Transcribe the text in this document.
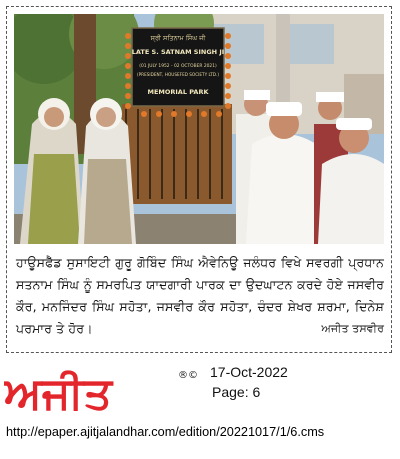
ਸ੍ਰੀ ਸਤਿਨਾਮ ਸਿੰਘ ਜੀ
LATE S. SATNAM SINGH JI
(01 JULY 1952 - 02 OCTOBER 2021)
(PRESIDENT, HOUSEFED SOCIETY LTD.)
MEMORIAL PARK
ਹਾਊਸਫੈੱਡ ਸੁਸਾਇਟੀ ਗੁਰੂ ਗੋਬਿੰਦ ਸਿੰਘ ਐਵੇਨਿਊ ਜਲੰਧਰ ਵਿਖੇ ਸਵਰਗੀ ਪ੍ਰਧਾਨ ਸਤਨਾਮ ਸਿੰਘ ਨੂੰ ਸਮਰਪਿਤ ਯਾਦਗਾਰੀ ਪਾਰਕ ਦਾ ਉਦਘਾਟਨ ਕਰਦੇ ਹੋਏ ਜਸਵੀਰ ਕੌਰ, ਮਨਜਿੰਦਰ ਸਿੰਘ ਸਹੋਤਾ, ਜਸਵੀਰ ਕੌਰ ਸਹੋਤਾ, ਚੰਦਰ ਸ਼ੇਖਰ ਸ਼ਰਮਾ, ਦਿਨੇਸ਼ ਪਰਮਾਰ ਤੇ ਹੋਰ।	ਅਜੀਤ ਤਸਵੀਰ
ਅਜੀਤ	®© 17-Oct-2022
Page: 6
http://epaper.ajitjalandhar.com/edition/20221017/1/6.cms
